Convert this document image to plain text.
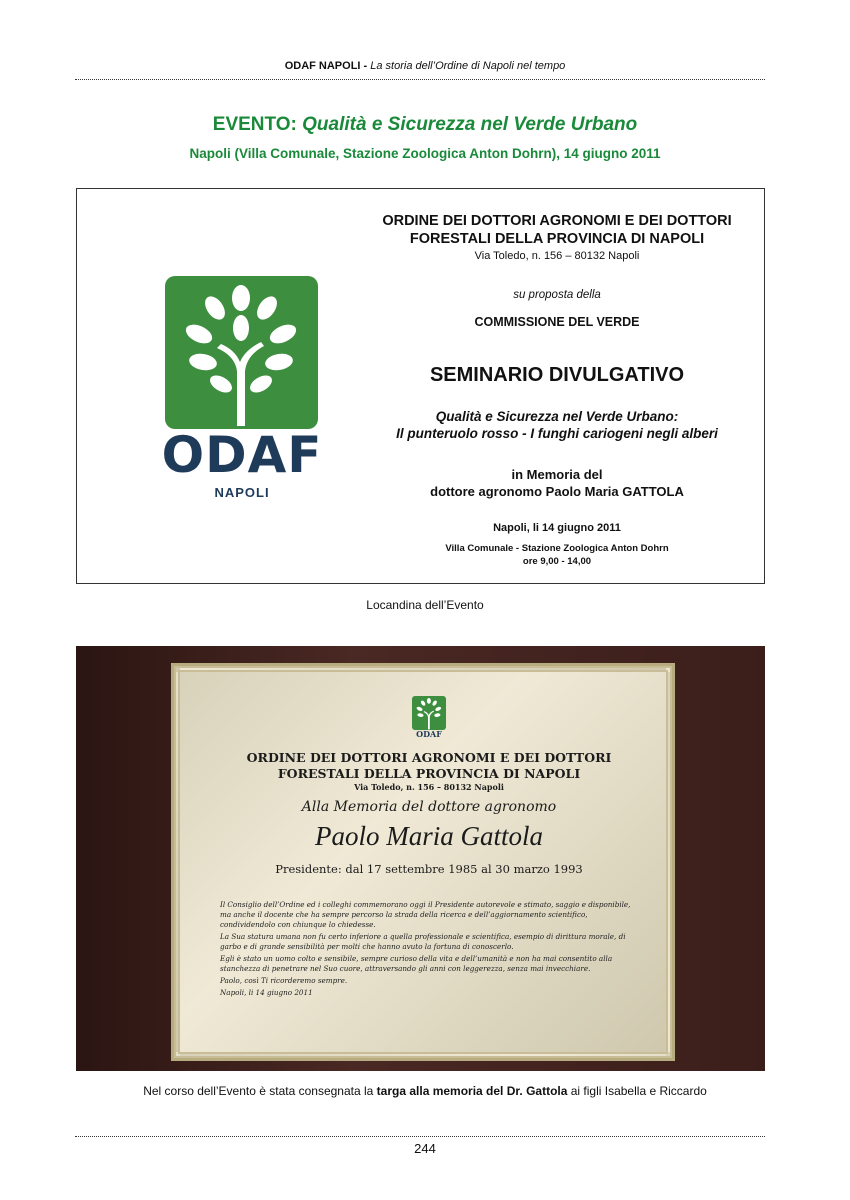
ODAF NAPOLI - La storia dell’Ordine di Napoli nel tempo
EVENTO: Qualità e Sicurezza nel Verde Urbano
Napoli (Villa Comunale, Stazione Zoologica Anton Dohrn), 14 giugno 2011
ODAF
NAPOLI
ORDINE DEI DOTTORI AGRONOMI E DEI DOTTORI
FORESTALI DELLA PROVINCIA DI NAPOLI
Via Toledo, n. 156 – 80132 Napoli
su proposta della
COMMISSIONE DEL VERDE
SEMINARIO DIVULGATIVO
Qualità e Sicurezza nel Verde Urbano:
Il punteruolo rosso - I funghi cariogeni negli alberi
in Memoria del
dottore agronomo Paolo Maria GATTOLA
Napoli, li 14 giugno 2011
Villa Comunale - Stazione Zoologica Anton Dohrn
ore 9,00 - 14,00
Locandina dell’Evento
ODAF
ORDINE DEI DOTTORI AGRONOMI E DEI DOTTORI
FORESTALI DELLA PROVINCIA DI NAPOLI
Via Toledo, n. 156 – 80132 Napoli
Alla Memoria del dottore agronomo
Paolo Maria Gattola
Presidente: dal 17 settembre 1985 al 30 marzo 1993

Il Consiglio dell’Ordine ed i colleghi commemorano oggi il Presidente autorevole e stimato, saggio e disponibile, ma anche il docente che ha sempre percorso la strada della ricerca e dell’aggiornamento scientifico, condividendolo con chiunque lo chiedesse.

La Sua statura umana non fu certo inferiore a quella professionale e scientifica, esempio di dirittura morale, di garbo e di grande sensibilità per molti che hanno avuto la fortuna di conoscerlo.

Egli è stato un uomo colto e sensibile, sempre curioso della vita e dell’umanità e non ha mai consentito alla stanchezza di penetrare nel Suo cuore, attraversando gli anni con leggerezza, senza mai invecchiare.

Paolo, così Ti ricorderemo sempre.

Napoli, li 14 giugno 2011

Nel corso dell’Evento è stata consegnata la targa alla memoria del Dr. Gattola ai figli Isabella e Riccardo
244
